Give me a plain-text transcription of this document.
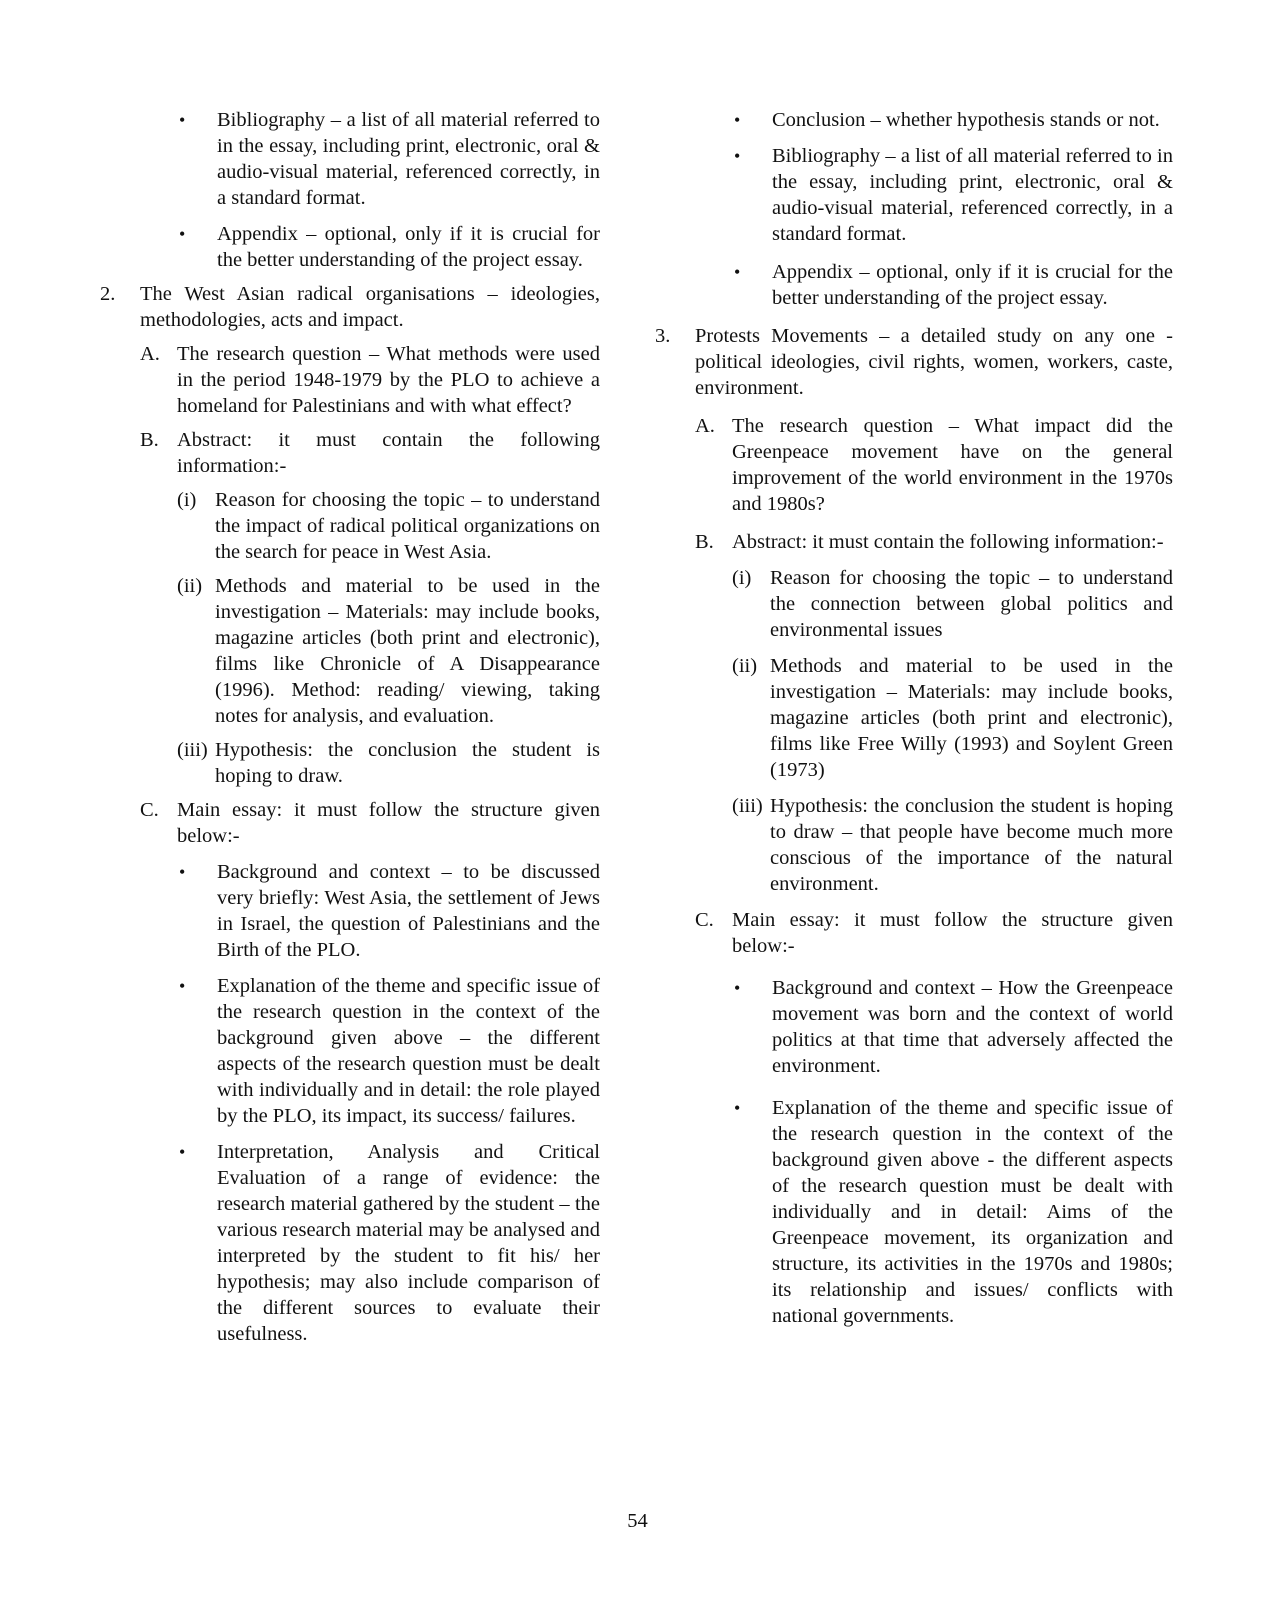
• Bibliography – a list of all material referred to in the essay, including print, electronic, oral & audio-visual material, referenced correctly, in a standard format.
• Appendix – optional, only if it is crucial for the better understanding of the project essay.
2. The West Asian radical organisations – ideologies, methodologies, acts and impact.
A. The research question – What methods were used in the period 1948-1979 by the PLO to achieve a homeland for Palestinians and with what effect?
B. Abstract: it must contain the following information:-
(i) Reason for choosing the topic – to understand the impact of radical political organizations on the search for peace in West Asia.
(ii) Methods and material to be used in the investigation – Materials: may include books, magazine articles (both print and electronic), films like Chronicle of A Disappearance (1996). Method: reading/ viewing, taking notes for analysis, and evaluation.
(iii) Hypothesis: the conclusion the student is hoping to draw.
C. Main essay: it must follow the structure given below:-
• Background and context – to be discussed very briefly: West Asia, the settlement of Jews in Israel, the question of Palestinians and the Birth of the PLO.
• Explanation of the theme and specific issue of the research question in the context of the background given above – the different aspects of the research question must be dealt with individually and in detail: the role played by the PLO, its impact, its success/ failures.
• Interpretation, Analysis and Critical Evaluation of a range of evidence: the research material gathered by the student – the various research material may be analysed and interpreted by the student to fit his/ her hypothesis; may also include comparison of the different sources to evaluate their usefulness.
• Conclusion – whether hypothesis stands or not.
• Bibliography – a list of all material referred to in the essay, including print, electronic, oral & audio-visual material, referenced correctly, in a standard format.
• Appendix – optional, only if it is crucial for the better understanding of the project essay.
3. Protests Movements – a detailed study on any one - political ideologies, civil rights, women, workers, caste, environment.
A. The research question – What impact did the Greenpeace movement have on the general improvement of the world environment in the 1970s and 1980s?
B. Abstract: it must contain the following information:-
(i) Reason for choosing the topic – to understand the connection between global politics and environmental issues
(ii) Methods and material to be used in the investigation – Materials: may include books, magazine articles (both print and electronic), films like Free Willy (1993) and Soylent Green (1973)
(iii) Hypothesis: the conclusion the student is hoping to draw – that people have become much more conscious of the importance of the natural environment.
C. Main essay: it must follow the structure given below:-
• Background and context – How the Greenpeace movement was born and the context of world politics at that time that adversely affected the environment.
• Explanation of the theme and specific issue of the research question in the context of the background given above - the different aspects of the research question must be dealt with individually and in detail: Aims of the Greenpeace movement, its organization and structure, its activities in the 1970s and 1980s; its relationship and issues/ conflicts with national governments.
54
